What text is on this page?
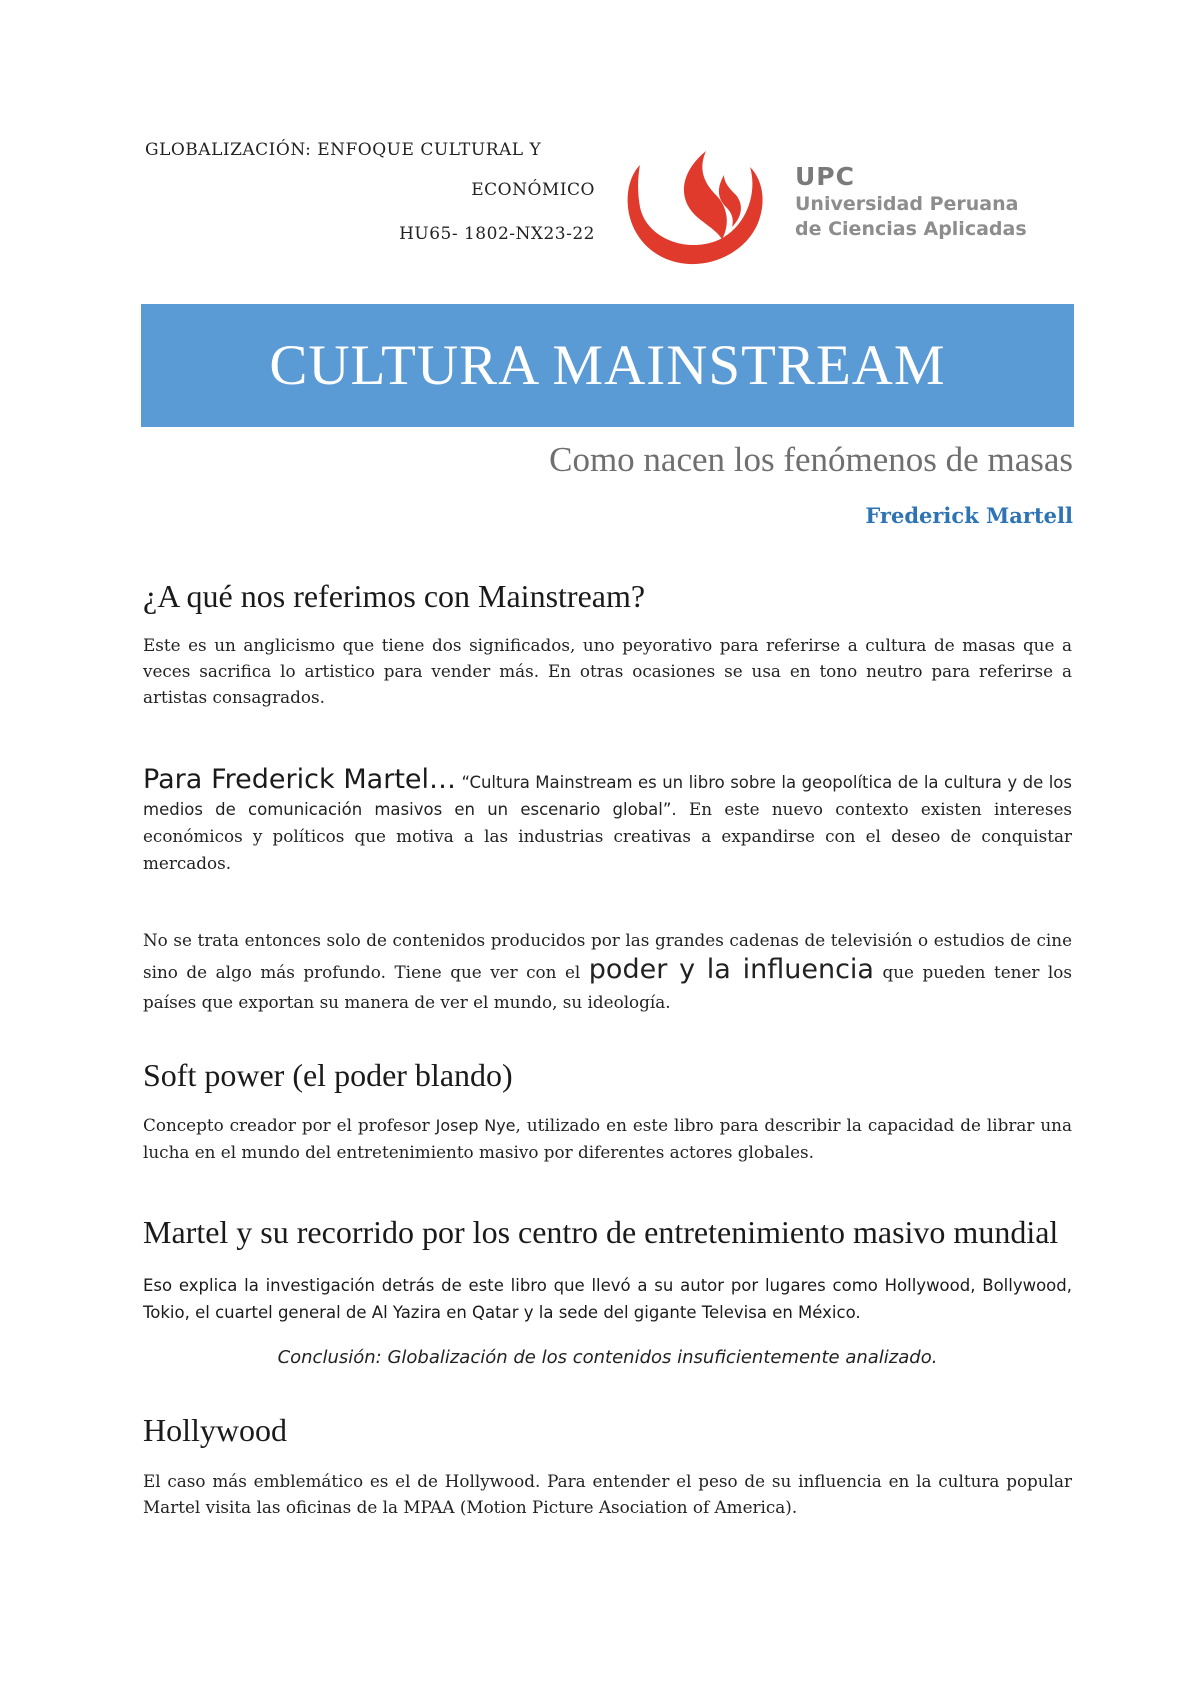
GLOBALIZACIÓN: ENFOQUE CULTURAL Y
ECONÓMICO
HU65- 1802-NX23-22
UPC
Universidad Peruana
de Ciencias Aplicadas
CULTURA MAINSTREAM
Como nacen los fenómenos de masas
Frederick Martell
¿A qué nos referimos con Mainstream?

Este es un anglicismo que tiene dos significados, uno peyorativo para referirse a cultura de masas que a veces sacrifica lo artistico para vender más. En otras ocasiones se usa en tono neutro para referirse a artistas consagrados.

Para Frederick Martel… “Cultura Mainstream es un libro sobre la geopolítica de la cultura y de los medios de comunicación masivos en un escenario global”. En este nuevo contexto existen intereses económicos y políticos que motiva a las industrias creativas a expandirse con el deseo de conquistar mercados.

No se trata entonces solo de contenidos producidos por las grandes cadenas de televisión o estudios de cine sino de algo más profundo. Tiene que ver con el poder y la influencia que pueden tener los países que exportan su manera de ver el mundo, su ideología.

Soft power (el poder blando)

Concepto creador por el profesor Josep Nye, utilizado en este libro para describir la capacidad de librar una lucha en el mundo del entretenimiento masivo por diferentes actores globales.

Martel y su recorrido por los centro de entretenimiento masivo mundial

Eso explica la investigación detrás de este libro que llevó a su autor por lugares como Hollywood, Bollywood, Tokio, el cuartel general de Al Yazira en Qatar y la sede del gigante Televisa en México.

Conclusión: Globalización de los contenidos insuficientemente analizado.
Hollywood

El caso más emblemático es el de Hollywood. Para entender el peso de su influencia en la cultura popular Martel visita las oficinas de la MPAA (Motion Picture Asociation of America).
